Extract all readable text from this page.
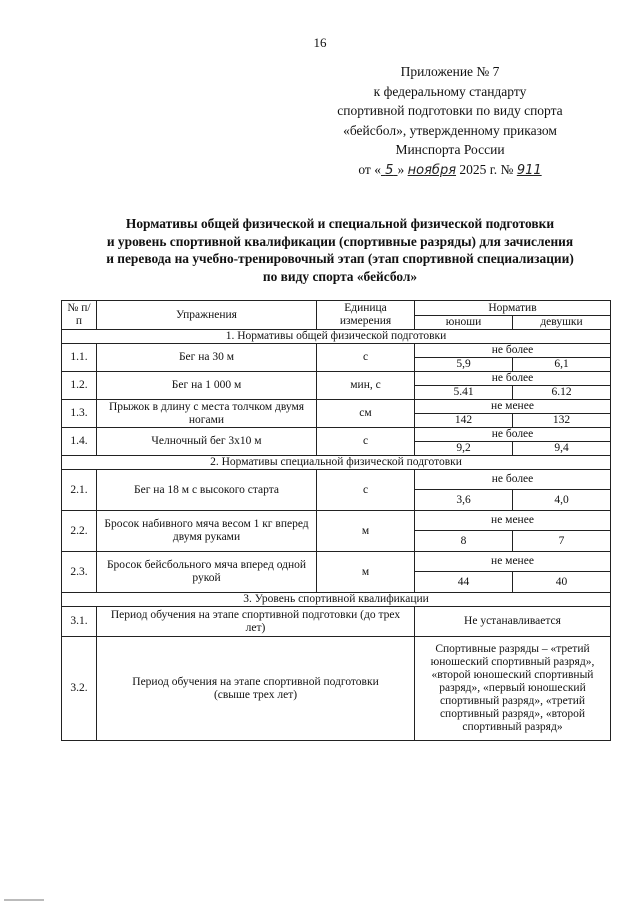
16
Приложение № 7
к федеральному стандарту
спортивной подготовки по виду спорта
«бейсбол», утвержденному приказом
Минспорта России
от « 5 » ноября 2025 г. № 911
Нормативы общей физической и специальной физической подготовки
и уровень спортивной квалификации (спортивные разряды) для зачисления
и перевода на учебно-тренировочный этап (этап спортивной специализации)
по виду спорта «бейсбол»
№ п/п	Упражнения	Единица измерения	Норматив	
			юноши	девушки
1. Нормативы общей физической подготовки				
1.1.	Бег на 30 м	с	не более	
			5,9	6,1
1.2.	Бег на 1 000 м	мин, с	не более	
			5.41	6.12
1.3.	Прыжок в длину с места толчком двумя ногами	см	не менее	
			142	132
1.4.	Челночный бег 3х10 м	с	не более	
			9,2	9,4
2. Нормативы специальной физической подготовки				
2.1.	Бег на 18 м с высокого старта	с	не более	
			3,6	4,0
2.2.	Бросок набивного мяча весом 1 кг вперед двумя руками	м	не менее	
			8	7
2.3.	Бросок бейсбольного мяча вперед одной рукой	м	не менее	
			44	40
3. Уровень спортивной квалификации				
3.1.	Период обучения на этапе спортивной подготовки (до трех лет)		Не устанавливается	
3.2.	Период обучения на этапе спортивной подготовки (свыше трех лет)		Спортивные разряды – «третий юношеский спортивный разряд», «второй юношеский спортивный разряд», «первый юношеский спортивный разряд», «третий спортивный разряд», «второй спортивный разряд»	
